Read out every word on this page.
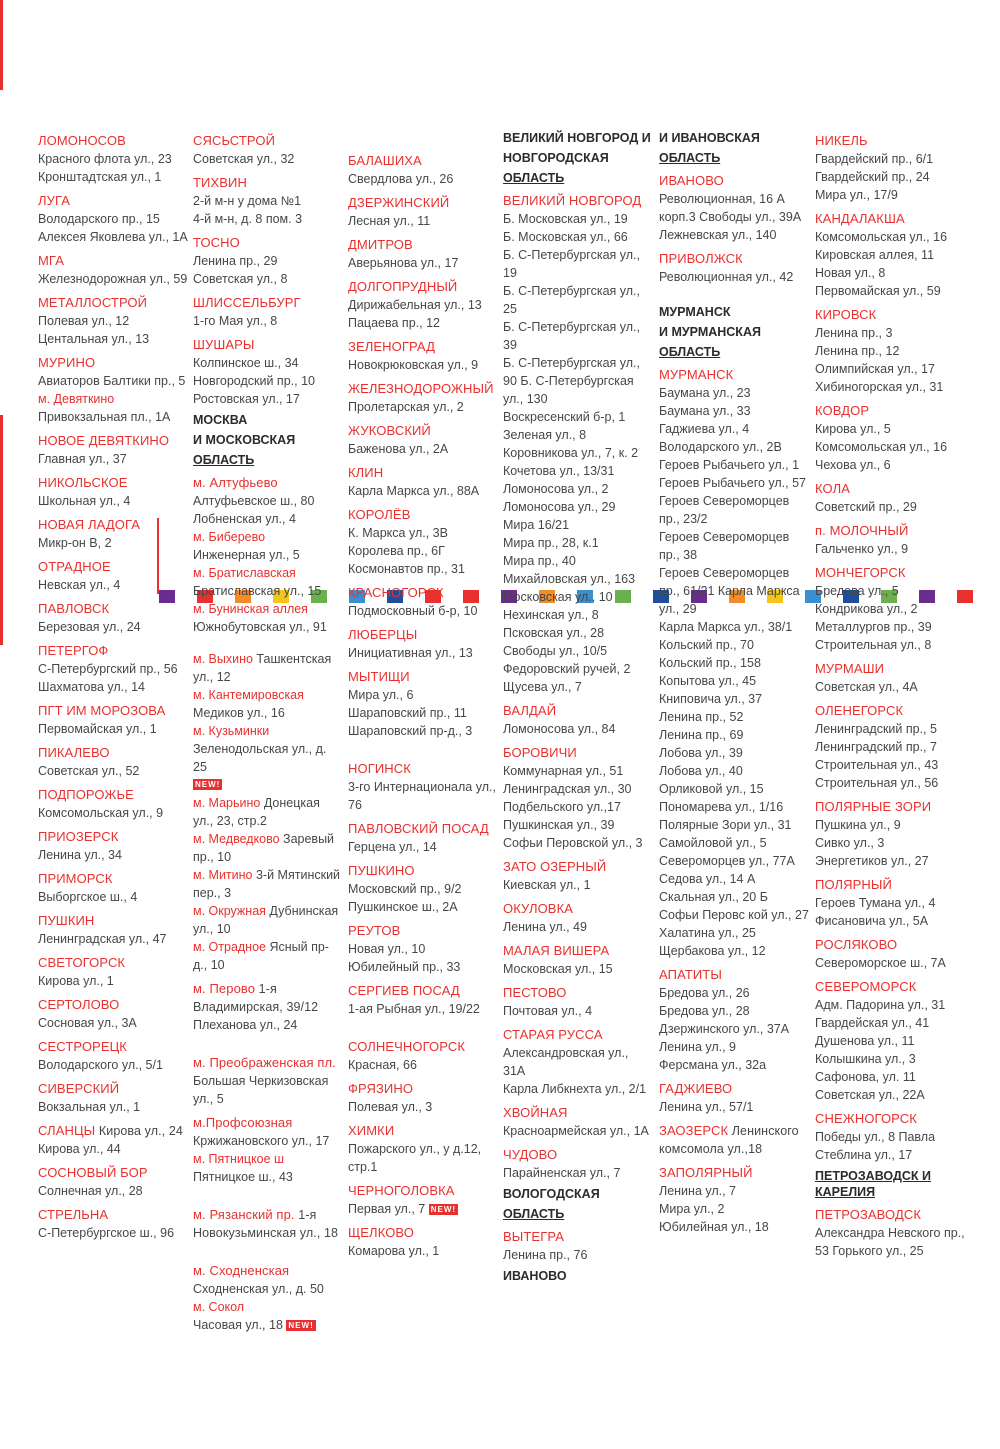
ЛОМОНОСОВ
Красного флота ул., 23
Кронштадтская ул., 1
ЛУГА
Володарского пр., 15
Алексея Яковлева ул., 1А
МГА
Железнодорожная ул., 59
МЕТАЛЛОСТРОЙ
Полевая ул., 12
Центальная ул., 13
МУРИНО
Авиаторов Балтики пр., 5
м. Девяткино
Привокзальная пл., 1А
НОВОЕ ДЕВЯТКИНО
Главная ул., 37
НИКОЛЬСКОЕ
Школьная ул., 4
НОВАЯ ЛАДОГА
Микр-он В, 2
ОТРАДНОЕ
Невская ул., 4
ПАВЛОВСК
Березовая ул., 24
ПЕТЕРГОФ
С-Петербургский пр., 56
Шахматова ул., 14
ПГТ ИМ МОРОЗОВА
Первомайская ул., 1
ПИКАЛЕВО
Советская ул., 52
ПОДПОРОЖЬЕ
Комсомольская ул., 9
ПРИОЗЕРСК
Ленина ул., 34
ПРИМОРСК
Выборгское ш., 4
ПУШКИН
Ленинградская ул., 47
СВЕТОГОРСК
Кирова ул., 1
СЕРТОЛОВО
Сосновая ул., 3А
СЕСТРОРЕЦК
Володарского ул., 5/1
СИВЕРСКИЙ
Вокзальная ул., 1
СЛАНЦЫ Кирова ул., 24
Кирова ул., 44
СОСНОВЫЙ БОР
Солнечная ул., 28
СТРЕЛЬНА
С-Петербургское ш., 96
СЯСЬСТРОЙ
Советская ул., 32
ТИХВИН
2-й м-н у дома №1
4-й м-н, д. 8 пом. 3
ТОСНО
Ленина пр., 29
Советская ул., 8
ШЛИССЕЛЬБУРГ
1-го Мая ул., 8
ШУШАРЫ
Колпинское ш., 34
Новгородский пр., 10
Ростовская ул., 17
МОСКВА
И МОСКОВСКАЯ
ОБЛАСТЬ
м. Алтуфьево
Алтуфьевское ш., 80 Лобненская ул., 4
м. Биберево
Инженерная ул., 5
м. Братиславская
Братиславская ул., 15
м. Бунинская аллея
Южнобутовская ул., 91
м. Выхино Ташкентская ул., 12
м. Кантемировская
Медиков ул., 16
м. Кузьминки
Зеленодольская ул., д. 25
NEW!
м. Марьино Донецкая ул., 23, стр.2
м. Медведково Заревый пр., 10
м. Митино 3-й Мятинский пер., 3
м. Окружная Дубнинская ул., 10
м. Отрадное Ясный пр-д., 10
м. Перово 1-я Владимирская, 39/12
Плеханова ул., 24
м. Преображенская пл.
Большая Черкизовская ул., 5
м.Профсоюзная
Кржижановского ул., 17
м. Пятницкое ш
Пятницкое ш., 43
м. Рязанский пр. 1-я Новокузьминская ул., 18
м. Сходненская
Сходненская ул., д. 50
м. Сокол
Часовая ул., 18 NEW!
БАЛАШИХА
Свердлова ул., 26
ДЗЕРЖИНСКИЙ
Лесная ул., 11
ДМИТРОВ
Аверьянова ул., 17
ДОЛГОПРУДНЫЙ
Дирижабельная ул., 13
Пацаева пр., 12
ЗЕЛЕНОГРАД
Новокрюковская ул., 9
ЖЕЛЕЗНОДОРОЖНЫЙ
Пролетарская ул., 2
ЖУКОВСКИЙ
Баженова ул., 2А
КЛИН
Карла Маркса ул., 88А
КОРОЛЁВ
К. Маркса ул., 3В
Королева пр., 6Г
Космонавтов пр., 31
КРАСНОГОРСК
Подмосковный б-р, 10
ЛЮБЕРЦЫ
Инициативная ул., 13
МЫТИЩИ
Мира ул., 6
Шараповский пр., 11
Шараповский пр-д., 3
НОГИНСК
3-го Интернационала ул., 76
ПАВЛОВСКИЙ ПОСАД
Герцена ул., 14
ПУШКИНО
Московский пр., 9/2
Пушкинское ш., 2А
РЕУТОВ
Новая ул., 10
Юбилейный пр., 33
СЕРГИЕВ ПОСАД
1-ая Рыбная ул., 19/22
СОЛНЕЧНОГОРСК
Красная, 66
ФРЯЗИНО
Полевая ул., 3
ХИМКИ
Пожарского ул., у д.12, стр.1
ЧЕРНОГОЛОВКА
Первая ул., 7 NEW!
ЩЕЛКОВО
Комарова ул., 1
ВЕЛИКИЙ НОВГОРОД И
НОВГОРОДСКАЯ
ОБЛАСТЬ
ВЕЛИКИЙ НОВГОРОД
Б. Московская ул., 19
Б. Московская ул., 66
Б. С-Петербургская ул., 19
Б. С-Петербургская ул., 25
Б. С-Петербургская ул., 39
Б. С-Петербургская ул., 90 Б. С-Петербургская ул., 130
Воскресенский б-р, 1
Зеленая ул., 8
Коровникова ул., 7, к. 2
Кочетова ул., 13/31
Ломоносова ул., 2
Ломоносова ул., 29
Мира 16/21
Мира пр., 28, к.1
Мира пр., 40
Михайловская ул., 163
Московская ул., 10
Нехинская ул., 8
Псковская ул., 28
Свободы ул., 10/5
Федоровский ручей, 2
Щусева ул., 7
ВАЛДАЙ
Ломоносова ул., 84
БОРОВИЧИ
Коммунарная ул., 51
Ленинградская ул., 30
Подбельского ул.,17
Пушкинская ул., 39
Софьи Перовской ул., 3
ЗАТО ОЗЕРНЫЙ
Киевская ул., 1
ОКУЛОВКА
Ленина ул., 49
МАЛАЯ ВИШЕРА
Московская ул., 15
ПЕСТОВО
Почтовая ул., 4
СТАРАЯ РУССА
Александровская ул., 31А
Карла Либкнехта ул., 2/1
ХВОЙНАЯ
Красноармейская ул., 1А
ЧУДОВО
Парайненская ул., 7
ВОЛОГОДСКАЯ
ОБЛАСТЬ
ВЫТЕГРА
Ленина пр., 76
ИВАНОВО
И ИВАНОВСКАЯ
ОБЛАСТЬ
ИВАНОВО
Революционная, 16 А корп.3 Свободы ул., 39А
Лежневская ул., 140
ПРИВОЛЖСК
Революционная ул., 42
МУРМАНСК
И МУРМАНСКАЯ
ОБЛАСТЬ
МУРМАНСК
Баумана ул., 23
Баумана ул., 33
Гаджиева ул., 4
Володарского ул., 2В
Героев Рыбачьего ул., 1
Героев Рыбачьего ул., 57 Героев Североморцев пр., 23/2
Героев Североморцев пр., 38
Героев Североморцев пр., 61/21 Карла Маркса ул., 29
Карла Маркса ул., 38/1
Кольский пр., 70
Кольский пр., 158
Копытова ул., 45
Книповича ул., 37
Ленина пр., 52
Ленина пр., 69
Лобова ул., 39
Лобова ул., 40
Орликовой ул., 15
Пономарева ул., 1/16
Полярные Зори ул., 31
Самойловой ул., 5
Североморцев ул., 77А
Седова ул., 14 А
Скальная ул., 20 Б
Софьи Перовс кой ул., 27
Халатина ул., 25
Щербакова ул., 12
АПАТИТЫ
Бредова ул., 26
Бредова ул., 28
Дзержинского ул., 37А
Ленина ул., 9
Ферсмана ул., 32а
ГАДЖИЕВО
Ленина ул., 57/1
ЗАОЗЕРСК Ленинского комсомола ул.,18
ЗАПОЛЯРНЫЙ
Ленина ул., 7
Мира ул., 2
Юбилейная ул., 18
НИКЕЛЬ
Гвардейский пр., 6/1
Гвардейский пр., 24
Мира ул., 17/9
КАНДАЛАКША
Комсомольская ул., 16
Кировская аллея, 11
Новая ул., 8
Первомайская ул., 59
КИРОВСК
Ленина пр., 3
Ленина пр., 12
Олимпийская ул., 17
Хибиногорская ул., 31
КОВДОР
Кирова ул., 5
Комсомольская ул., 16
Чехова ул., 6
КОЛА
Советский пр., 29
п. МОЛОЧНЫЙ
Гальченко ул., 9
МОНЧЕГОРСК
Бредова ул., 5
Кондрикова ул., 2
Металлургов пр., 39
Строительная ул., 8
МУРМАШИ
Советская ул., 4А
ОЛЕНЕГОРСК
Ленинградский пр., 5
Ленинградский пр., 7
Строительная ул., 43
Строительная ул., 56
ПОЛЯРНЫЕ ЗОРИ
Пушкина ул., 9
Сивко ул., 3
Энергетиков ул., 27
ПОЛЯРНЫЙ
Героев Тумана ул., 4
Фисановича ул., 5А
РОСЛЯКОВО
Североморское ш., 7А
СЕВЕРОМОРСК
Адм. Падорина ул., 31
Гвардейская ул., 41
Душенова ул., 11
Колышкина ул., 3
Сафонова, ул. 11
Советская ул., 22А
СНЕЖНОГОРСК
Победы ул., 8 Павла Стеблина ул., 17
ПЕТРОЗАВОДСК И КАРЕЛИЯ
ПЕТРОЗАВОДСК
Александра Невского пр., 53 Горького ул., 25
